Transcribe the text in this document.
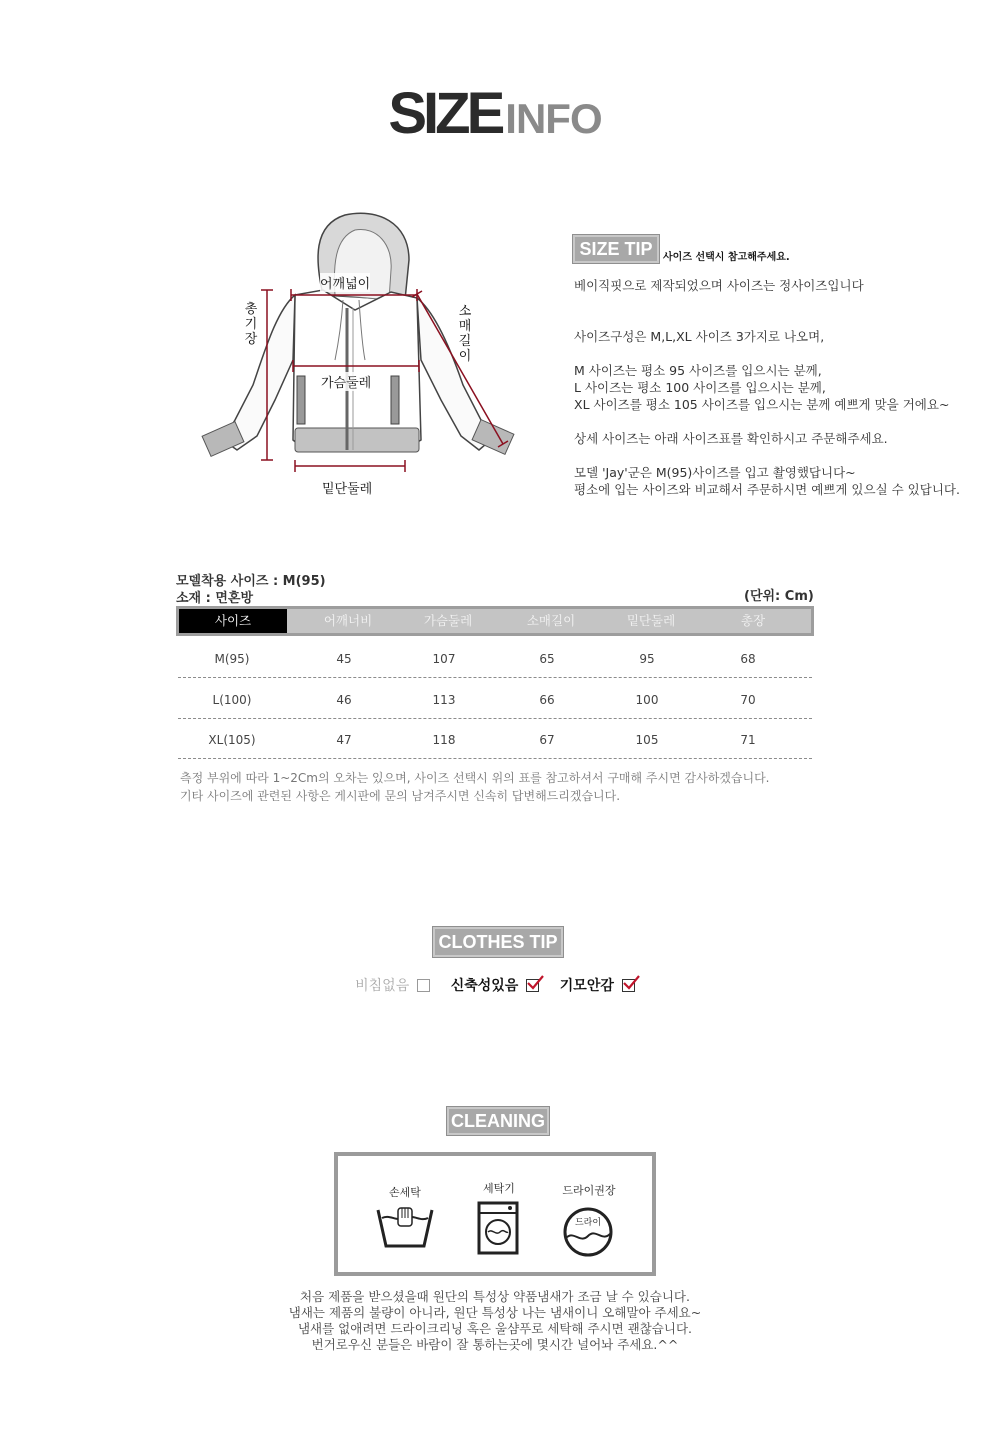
SIZEINFO
어깨넓이
가슴둘레
밑단둘레
총
기
장
소
매
길
이
SIZE TIP	사이즈 선택시 참고해주세요.
베이직핏으로 제작되었으며 사이즈는 정사이즈입니다
사이즈구성은 M,L,XL 사이즈 3가지로 나오며,
M 사이즈는 평소 95 사이즈를 입으시는 분께,
L 사이즈는 평소 100 사이즈를 입으시는 분께,
XL 사이즈를 평소 105 사이즈를 입으시는 분께 예쁘게 맞을 거에요~
상세 사이즈는 아래 사이즈표를 확인하시고 주문해주세요.
모델 'Jay'군은 M(95)사이즈를 입고 촬영했답니다~
평소에 입는 사이즈와 비교해서 주문하시면 예쁘게 있으실 수 있답니다.
모델착용 사이즈 : M(95)
소재 : 면혼방	(단위: Cm)
사이즈	어깨너비	가슴둘레	소매길이	밑단둘레	총장
M(95)	45	107	65	95	68
L(100)	46	113	66	100	70
XL(105)	47	118	67	105	71
측정 부위에 따라 1~2Cm의 오차는 있으며, 사이즈 선택시 위의 표를 참고하셔서 구매해 주시면 감사하겠습니다.
기타 사이즈에 관련된 사항은 게시판에 문의 남겨주시면 신속히 답변해드리겠습니다.
CLOTHES TIP
비침없음	신축성있음	기모안감
CLEANING
손세탁	세탁기	드라이권장
드라이
처음 제품을 받으셨을때 원단의 특성상 약품냄새가 조금 날 수 있습니다.
냄새는 제품의 불량이 아니라, 원단 특성상 나는 냄새이니 오해말아 주세요~
냄새를 없애려면 드라이크리닝 혹은 울샴푸로 세탁해 주시면 괜찮습니다.
번거로우신 분들은 바람이 잘 통하는곳에 몇시간 널어놔 주세요.^^
